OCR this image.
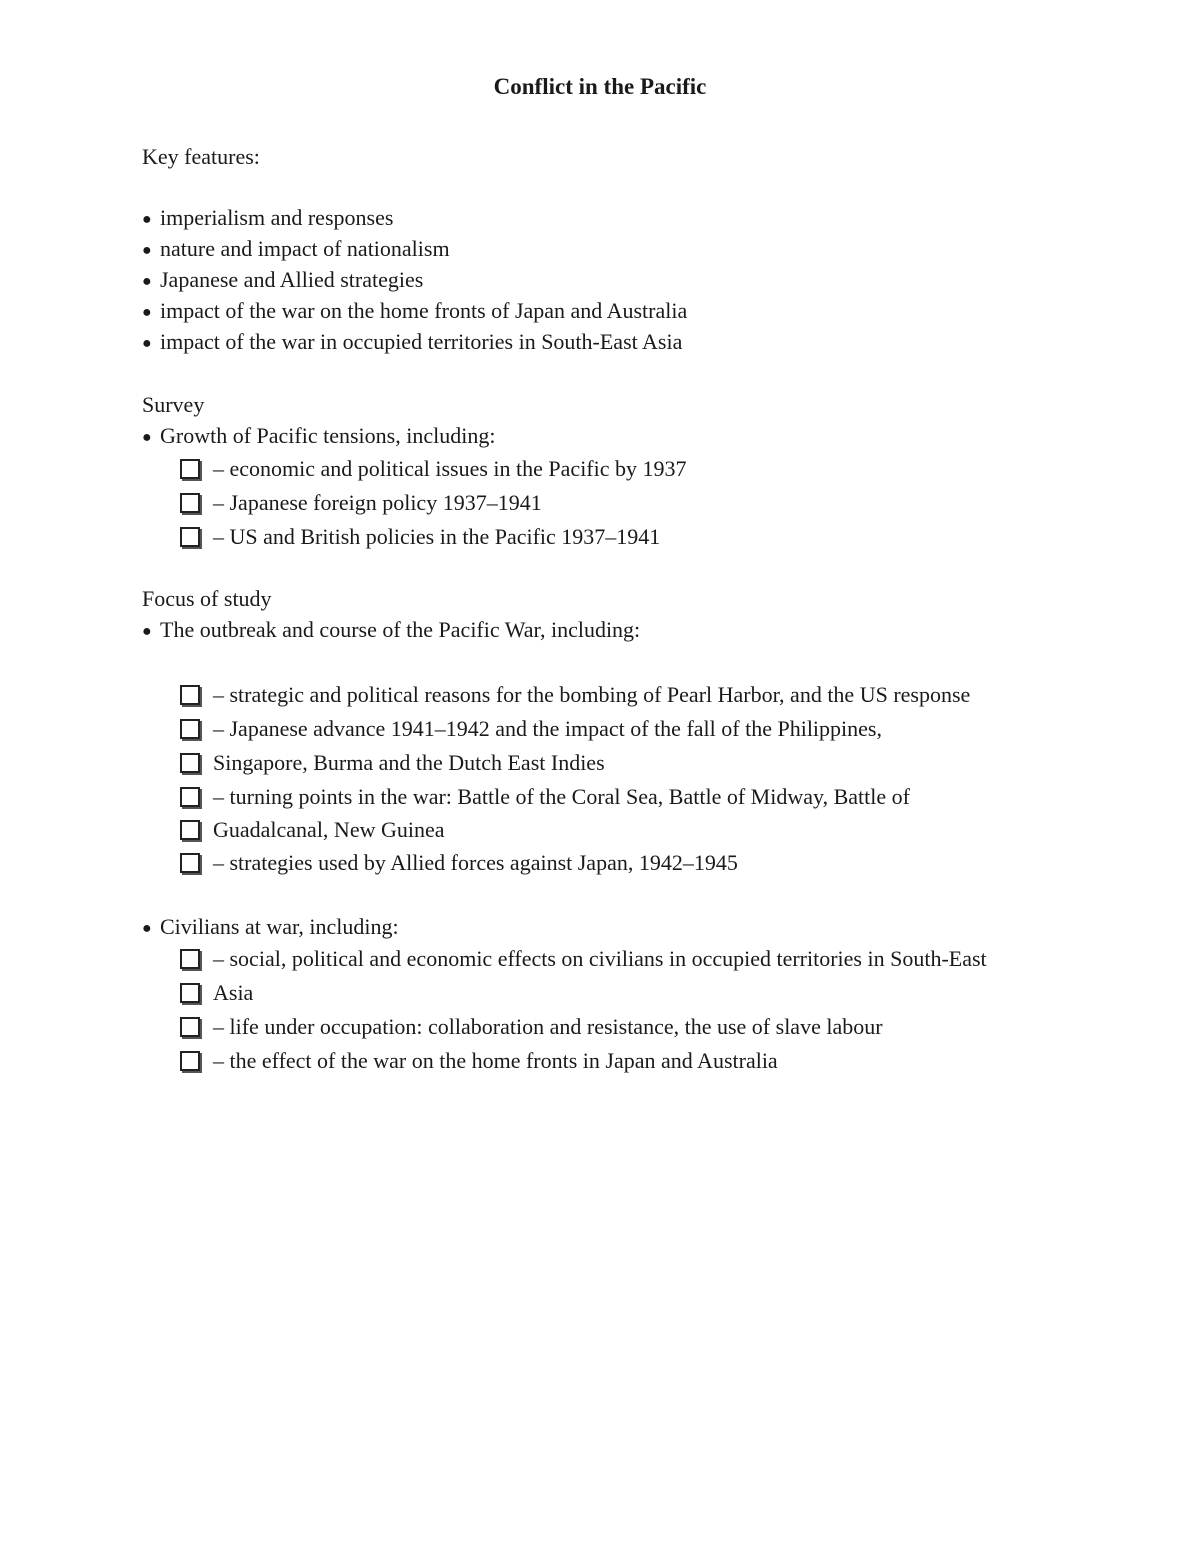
Conflict in the Pacific
Key features:
● imperialism and responses
● nature and impact of nationalism
● Japanese and Allied strategies
● impact of the war on the home fronts of Japan and Australia
● impact of the war in occupied territories in South-East Asia
Survey
● Growth of Pacific tensions, including:
– economic and political issues in the Pacific by 1937
– Japanese foreign policy 1937–1941
– US and British policies in the Pacific 1937–1941
Focus of study
● The outbreak and course of the Pacific War, including:
– strategic and political reasons for the bombing of Pearl Harbor, and the US response
– Japanese advance 1941–1942 and the impact of the fall of the Philippines,
Singapore, Burma and the Dutch East Indies
– turning points in the war: Battle of the Coral Sea, Battle of Midway, Battle of
Guadalcanal, New Guinea
– strategies used by Allied forces against Japan, 1942–1945
● Civilians at war, including:
– social, political and economic effects on civilians in occupied territories in South-East
Asia
– life under occupation: collaboration and resistance, the use of slave labour
– the effect of the war on the home fronts in Japan and Australia
